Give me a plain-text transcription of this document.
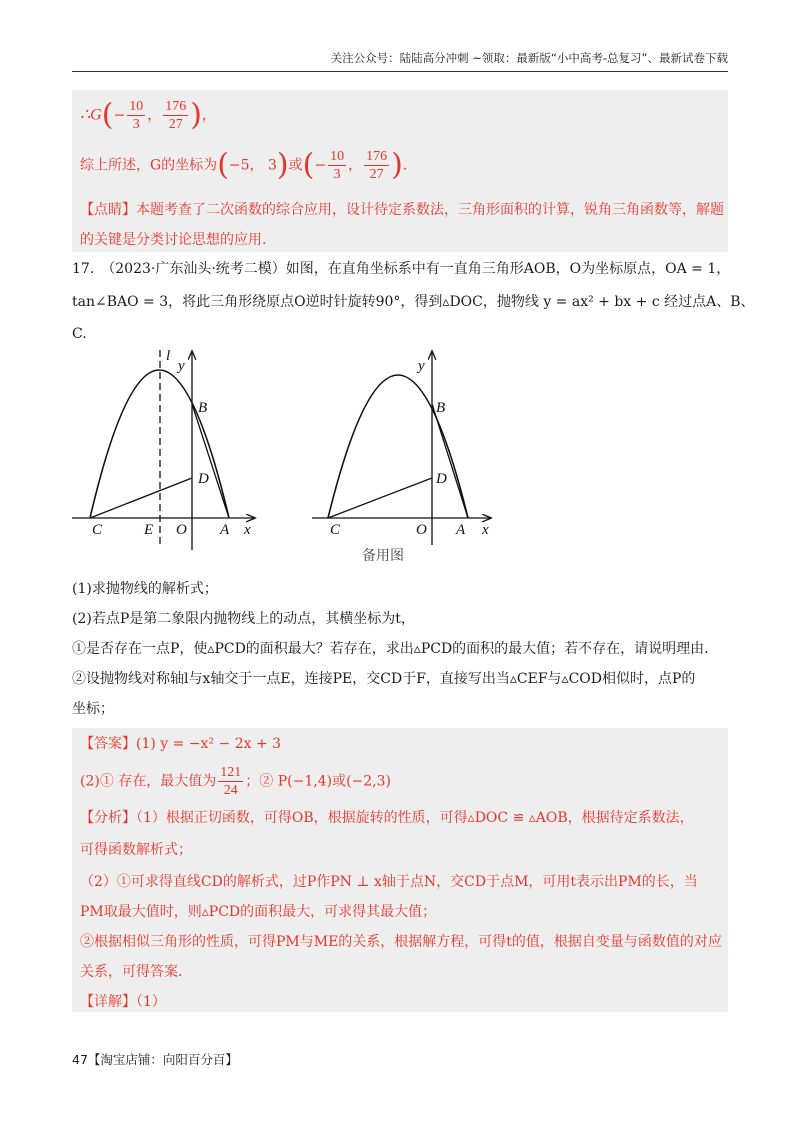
关注公众号：陆陆高分冲刺 ~领取：最新版“小中高考-总复习”、最新试卷下载
∴G(− $\frac{10}{3}$ ， $\frac{176}{27}$ )，
综上所述，G的坐标为(−5， 3)或(− $\frac{10}{3}$ ， $\frac{176}{27}$ ).
【点睛】本题考查了二次函数的综合应用，设计待定系数法，三角形面积的计算，锐角三角函数等，解题
的关键是分类讨论思想的应用.
17.　（2023·广东汕头·统考二模）如图，在直角坐标系中有一直角三角形AOB，O为坐标原点，OA = 1，
tan∠BAO = 3，将此三角形绕原点O逆时针旋转90°，得到▵DOC，抛物线 y = ax² + bx + c 经过点A、B、
C.
l
y
B
D
C	E O A x
y
B
D
C	O A x
备用图
(1)求抛物线的解析式；
(2)若点P是第二象限内抛物线上的动点，其横坐标为t，
①是否存在一点P，使▵PCD的面积最大？若存在，求出▵PCD的面积的最大值；若不存在，请说明理由.
②设抛物线对称轴l与x轴交于一点E，连接PE，交CD于F，直接写出当▵CEF与▵COD相似时，点P的
坐标；
【答案】(1) y = −x² − 2x + 3
(2)① 存在，最大值为 $\frac{121}{24}$ ；② P(−1,4)或(−2,3)
【分析】（1）根据正切函数，可得OB，根据旋转的性质，可得▵DOC ≌ ▵AOB，根据待定系数法，
可得函数解析式；
（2）①可求得直线CD的解析式，过P作PN ⊥ x轴于点N，交CD于点M，可用t表示出PM的长，当
PM取最大值时，则▵PCD的面积最大，可求得其最大值；
②根据相似三角形的性质，可得PM与ME的关系，根据解方程，可得t的值，根据自变量与函数值的对应
关系，可得答案.
【详解】（1）
47【淘宝店铺：向阳百分百】
